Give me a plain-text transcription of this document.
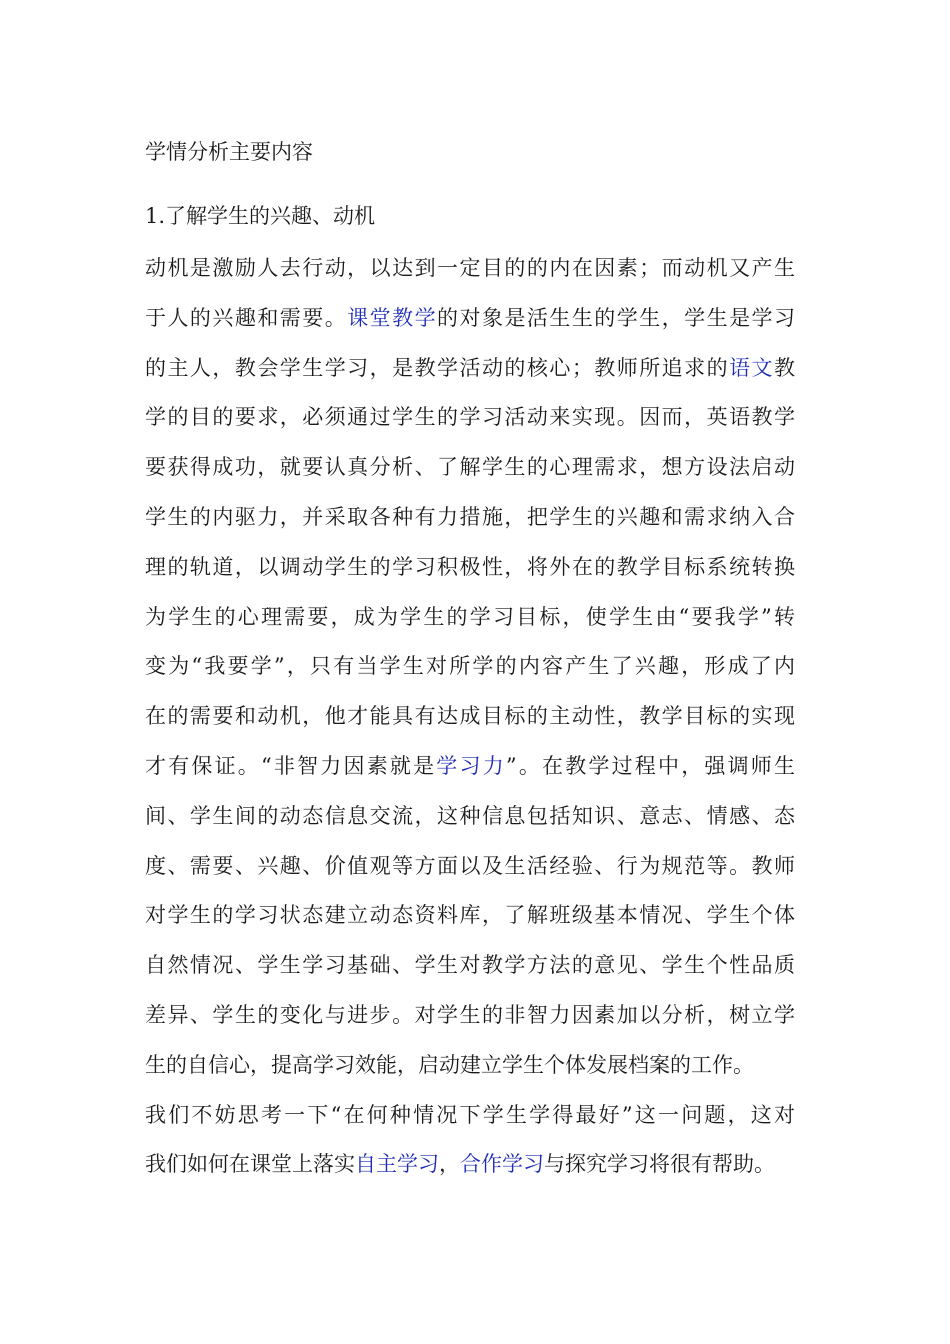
学情分析主要内容
1.了解学生的兴趣、动机
动机是激励人去行动，以达到一定目的的内在因素；而动机又产生
于人的兴趣和需要。课堂教学的对象是活生生的学生，学生是学习
的主人，教会学生学习，是教学活动的核心；教师所追求的语文教
学的目的要求，必须通过学生的学习活动来实现。因而，英语教学
要获得成功，就要认真分析、了解学生的心理需求，想方设法启动
学生的内驱力，并采取各种有力措施，把学生的兴趣和需求纳入合
理的轨道，以调动学生的学习积极性，将外在的教学目标系统转换
为学生的心理需要，成为学生的学习目标，使学生由“要我学”转
变为“我要学”，只有当学生对所学的内容产生了兴趣，形成了内
在的需要和动机，他才能具有达成目标的主动性，教学目标的实现
才有保证。“非智力因素就是学习力”。在教学过程中，强调师生
间、学生间的动态信息交流，这种信息包括知识、意志、情感、态
度、需要、兴趣、价值观等方面以及生活经验、行为规范等。教师
对学生的学习状态建立动态资料库，了解班级基本情况、学生个体
自然情况、学生学习基础、学生对教学方法的意见、学生个性品质
差异、学生的变化与进步。对学生的非智力因素加以分析，树立学
生的自信心，提高学习效能，启动建立学生个体发展档案的工作。
我们不妨思考一下“在何种情况下学生学得最好”这一问题，这对
我们如何在课堂上落实自主学习，合作学习与探究学习将很有帮助。
